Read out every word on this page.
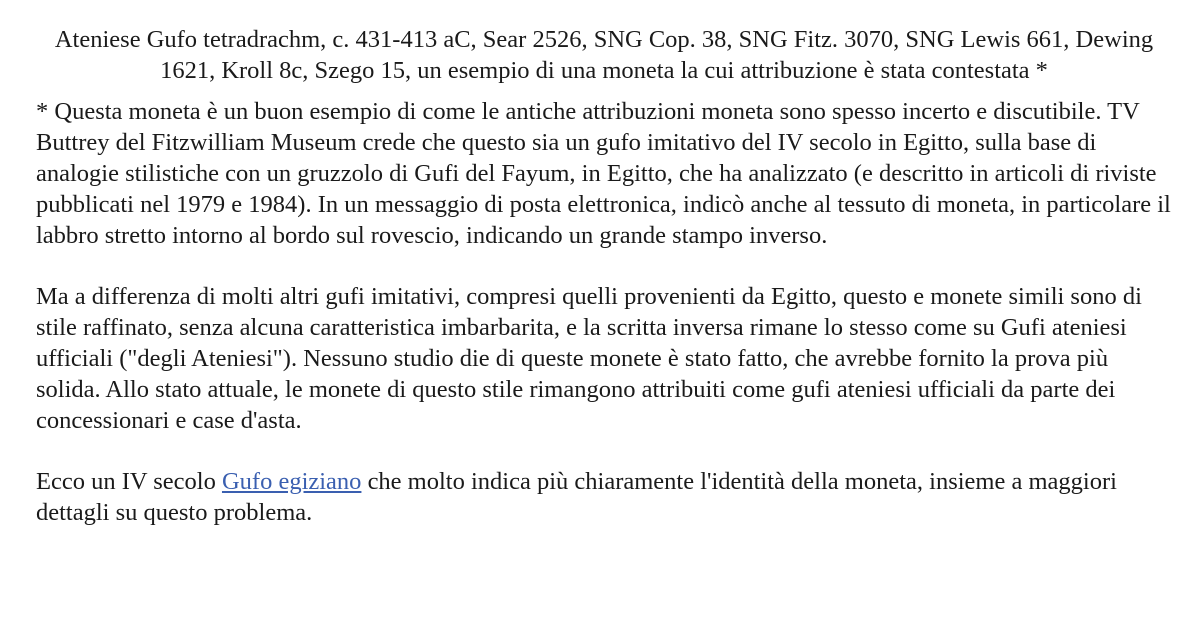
Ateniese Gufo tetradrachm, c. 431-413 aC, Sear 2526, SNG Cop. 38, SNG Fitz. 3070, SNG Lewis 661, Dewing 1621, Kroll 8c, Szego 15, un esempio di una moneta la cui attribuzione è stata contestata *

* Questa moneta è un buon esempio di come le antiche attribuzioni moneta sono spesso incerto e discutibile. TV Buttrey del Fitzwilliam Museum crede che questo sia un gufo imitativo del IV secolo in Egitto, sulla base di analogie stilistiche con un gruzzolo di Gufi del Fayum, in Egitto, che ha analizzato (e descritto in articoli di riviste pubblicati nel 1979 e 1984). In un messaggio di posta elettronica, indicò anche al tessuto di moneta, in particolare il labbro stretto intorno al bordo sul rovescio, indicando un grande stampo inverso.

Ma a differenza di molti altri gufi imitativi, compresi quelli provenienti da Egitto, questo e monete simili sono di stile raffinato, senza alcuna caratteristica imbarbarita, e la scritta inversa rimane lo stesso come su Gufi ateniesi ufficiali ("degli Ateniesi"). Nessuno studio die di queste monete è stato fatto, che avrebbe fornito la prova più solida. Allo stato attuale, le monete di questo stile rimangono attribuiti come gufi ateniesi ufficiali da parte dei concessionari e case d'asta.

Ecco un IV secolo Gufo egiziano che molto indica più chiaramente l'identità della moneta, insieme a maggiori dettagli su questo problema.
